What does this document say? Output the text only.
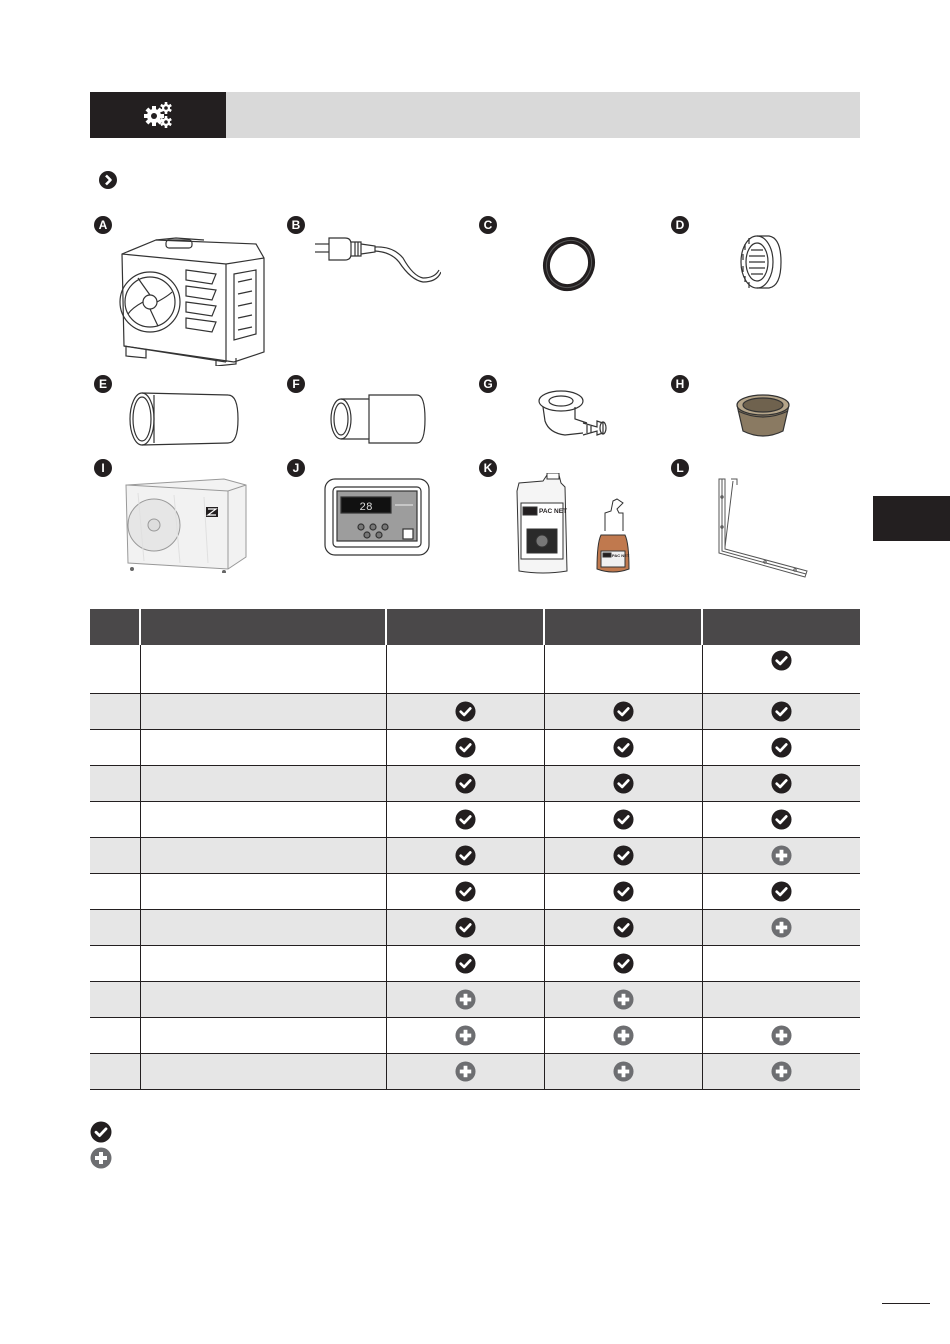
A	B	C	D
E	F	G	H
I	J
28
K
PAC NET
PAC NET
L
